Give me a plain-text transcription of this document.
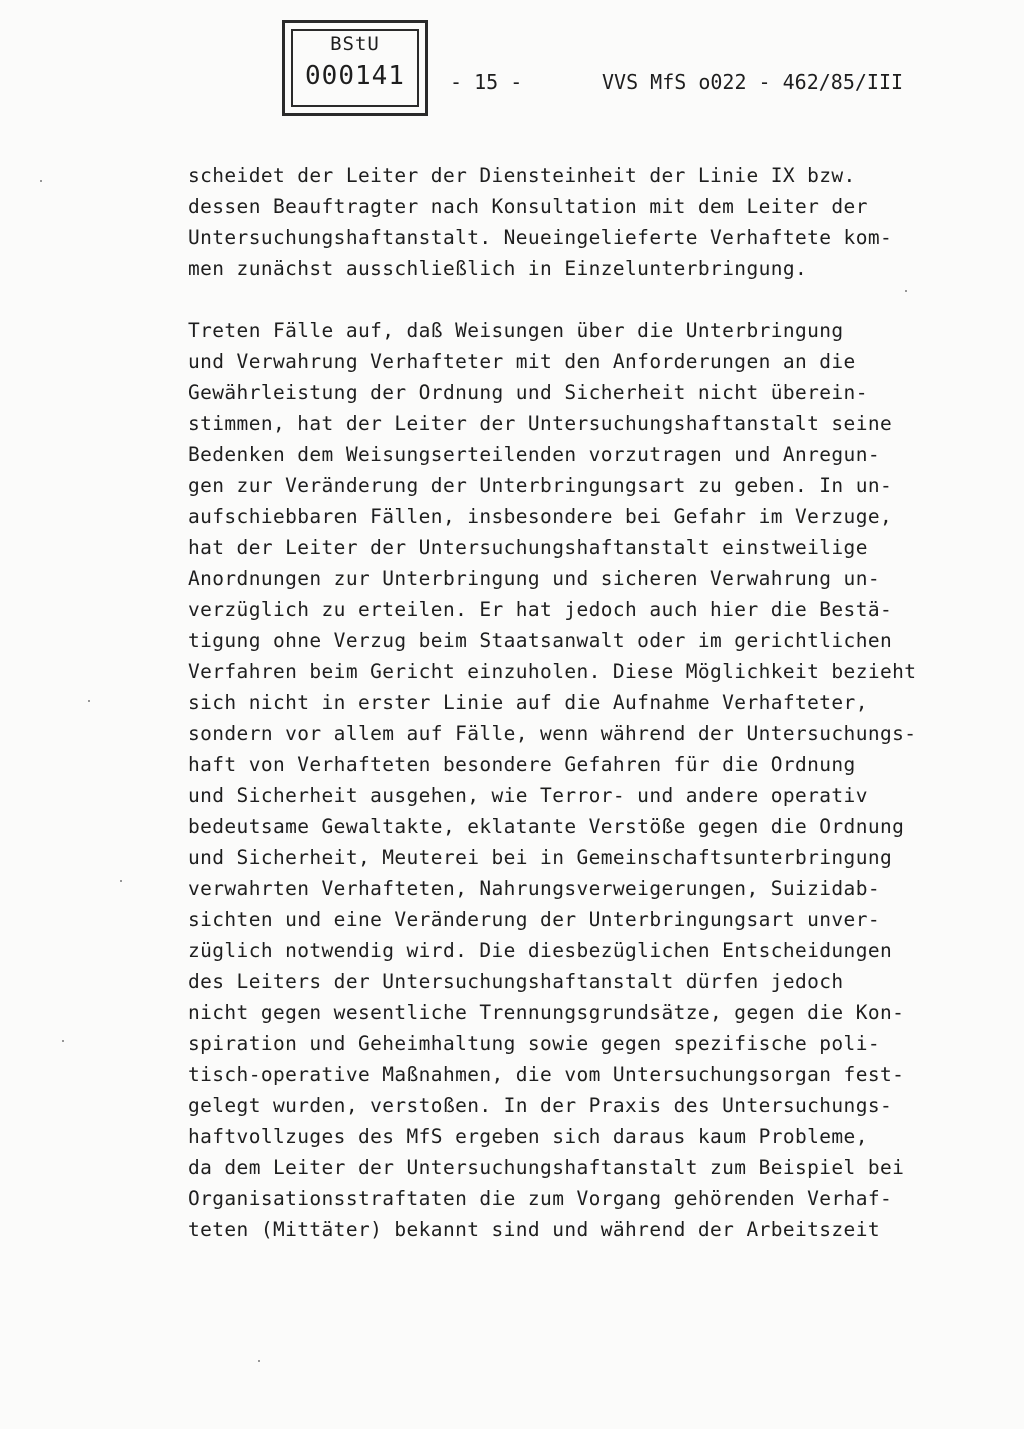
BStU
000141	- 15 -	VVS MfS o022 - 462/85/III
scheidet der Leiter der Diensteinheit der Linie IX bzw.
dessen Beauftragter nach Konsultation mit dem Leiter der
Untersuchungshaftanstalt. Neueingelieferte Verhaftete kom-
men zunächst ausschließlich in Einzelunterbringung.
Treten Fälle auf, daß Weisungen über die Unterbringung
und Verwahrung Verhafteter mit den Anforderungen an die
Gewährleistung der Ordnung und Sicherheit nicht überein-
stimmen, hat der Leiter der Untersuchungshaftanstalt seine
Bedenken dem Weisungserteilenden vorzutragen und Anregun-
gen zur Veränderung der Unterbringungsart zu geben. In un-
aufschiebbaren Fällen, insbesondere bei Gefahr im Verzuge,
hat der Leiter der Untersuchungshaftanstalt einstweilige
Anordnungen zur Unterbringung und sicheren Verwahrung un-
verzüglich zu erteilen. Er hat jedoch auch hier die Bestä-
tigung ohne Verzug beim Staatsanwalt oder im gerichtlichen
Verfahren beim Gericht einzuholen. Diese Möglichkeit bezieht
sich nicht in erster Linie auf die Aufnahme Verhafteter,
sondern vor allem auf Fälle, wenn während der Untersuchungs-
haft von Verhafteten besondere Gefahren für die Ordnung
und Sicherheit ausgehen, wie Terror- und andere operativ
bedeutsame Gewaltakte, eklatante Verstöße gegen die Ordnung
und Sicherheit, Meuterei bei in Gemeinschaftsunterbringung
verwahrten Verhafteten, Nahrungsverweigerungen, Suizidab-
sichten und eine Veränderung der Unterbringungsart unver-
züglich notwendig wird. Die diesbezüglichen Entscheidungen
des Leiters der Untersuchungshaftanstalt dürfen jedoch
nicht gegen wesentliche Trennungsgrundsätze, gegen die Kon-
spiration und Geheimhaltung sowie gegen spezifische poli-
tisch-operative Maßnahmen, die vom Untersuchungsorgan fest-
gelegt wurden, verstoßen. In der Praxis des Untersuchungs-
haftvollzuges des MfS ergeben sich daraus kaum Probleme,
da dem Leiter der Untersuchungshaftanstalt zum Beispiel bei
Organisationsstraftaten die zum Vorgang gehörenden Verhaf-
teten (Mittäter) bekannt sind und während der Arbeitszeit
